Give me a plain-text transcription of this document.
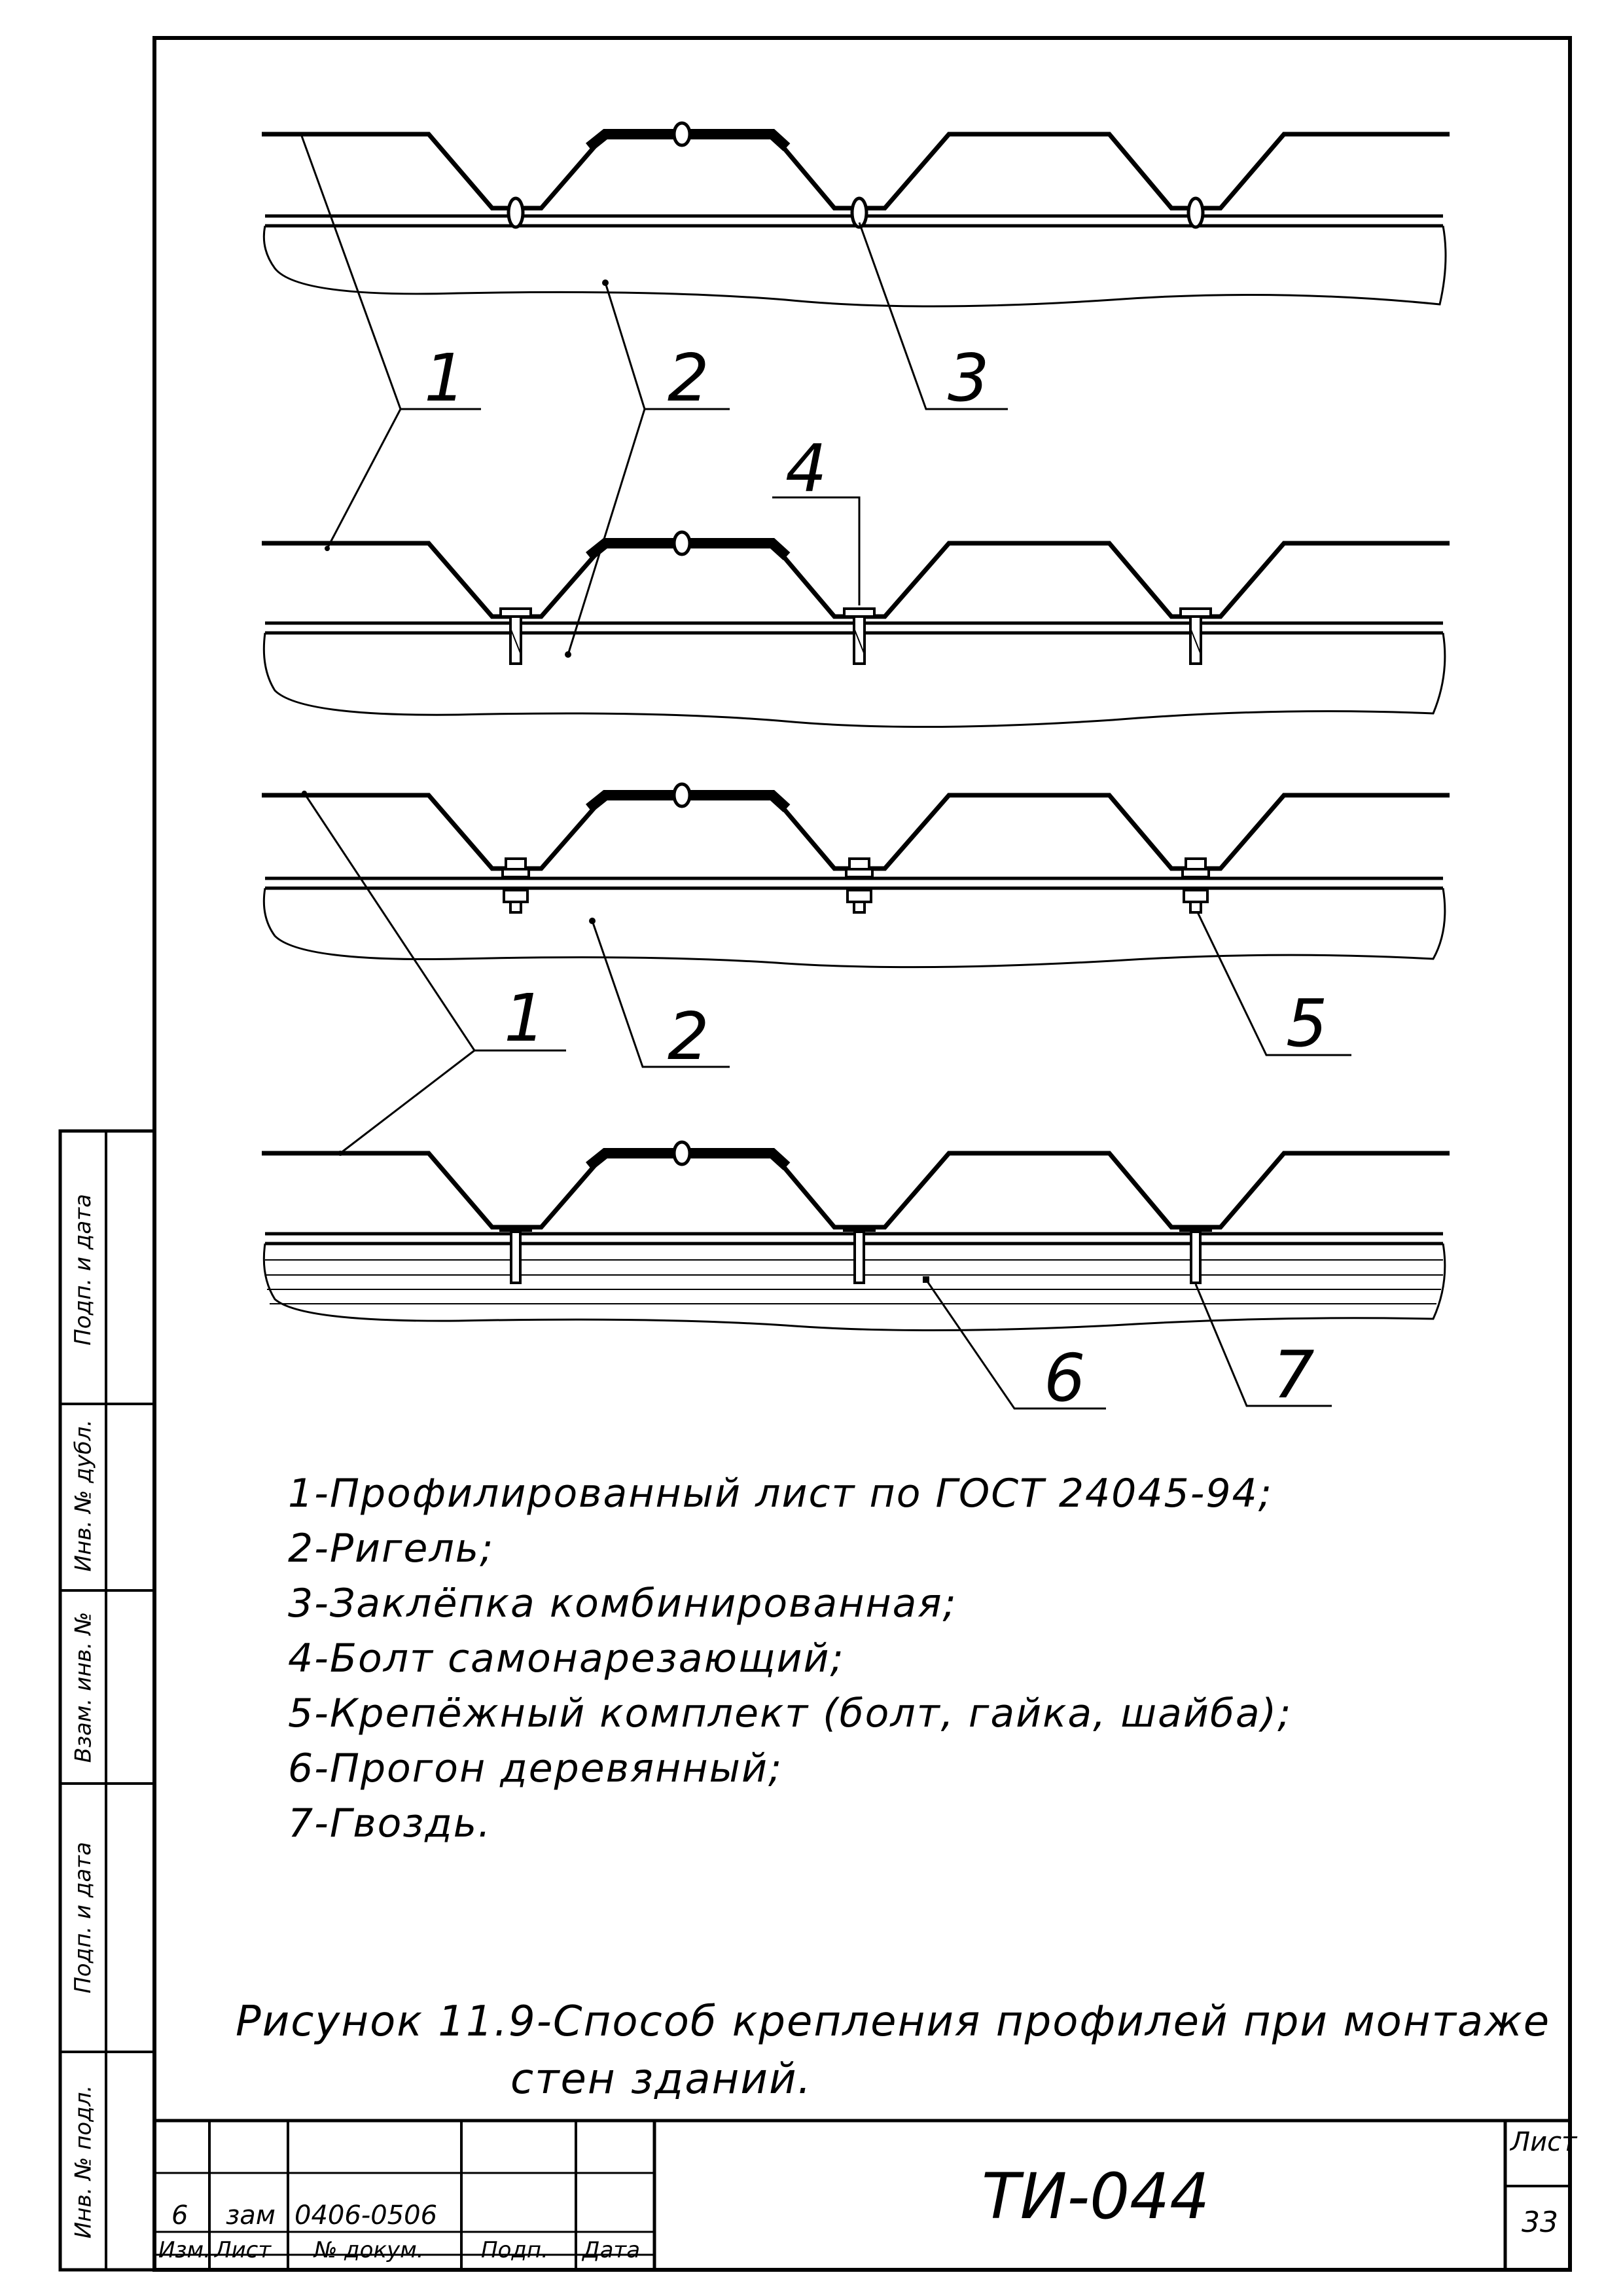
1	2	3
4
1 2	5
6	7
1-Профилированный лист по ГОСТ 24045-94;
2-Ригель;
3-Заклёпка комбинированная;
4-Болт самонарезающий;
5-Крепёжный комплект (болт, гайка, шайба);
6-Прогон деревянный;
7-Гвоздь.
Рисунок 11.9-Способ крепления профилей при монтаже
стен зданий.
Подп. и дата
Инв. № дубл.
Взам. инв. №
Подп. и дата
Инв. № подл.	6 зам 0406-0506
Изм. Лист № докум.	Подп. Дата
ТИ-044
Лист
33
